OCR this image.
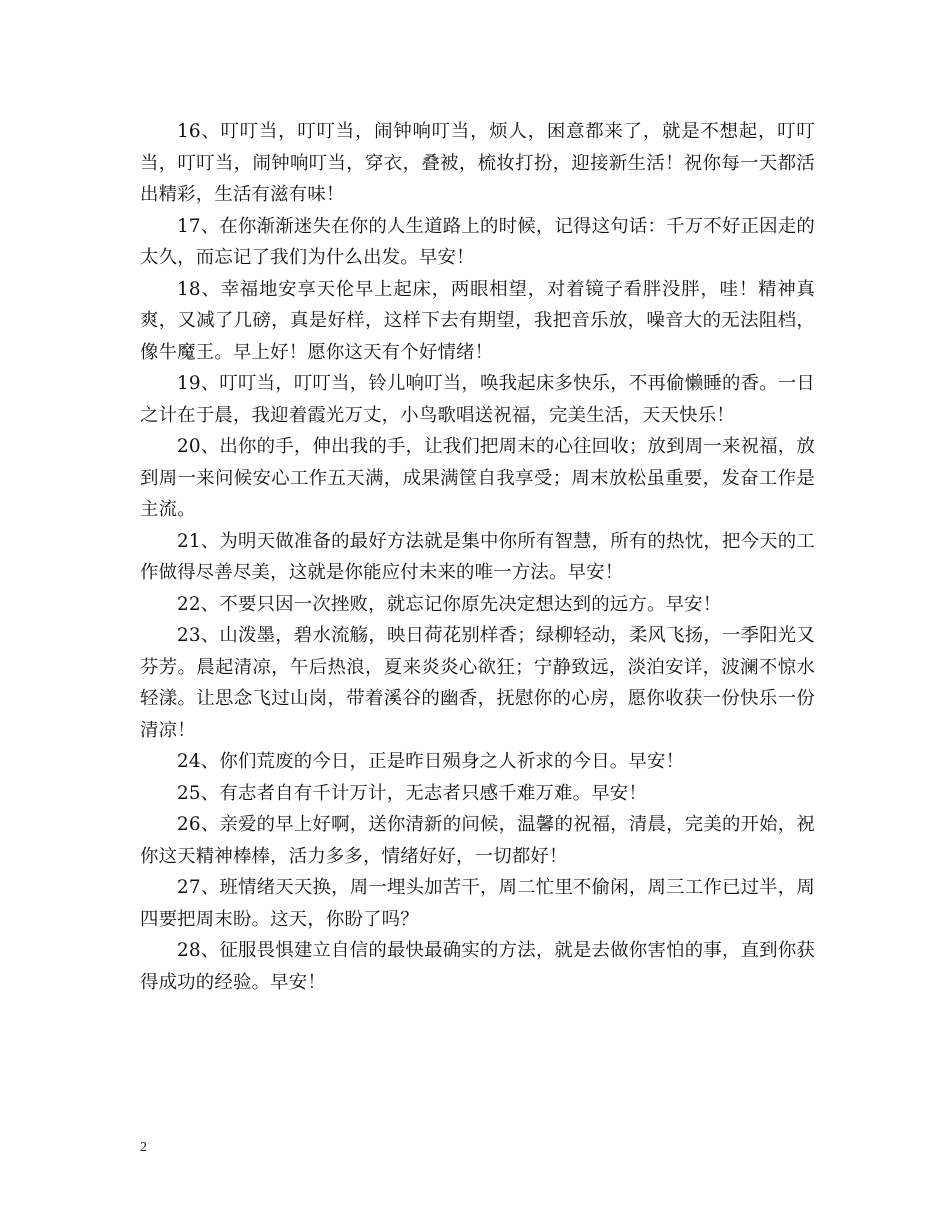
16、叮叮当，叮叮当，闹钟响叮当，烦人，困意都来了，就是不想起，叮叮当，叮叮当，闹钟响叮当，穿衣，叠被，梳妆打扮，迎接新生活！祝你每一天都活出精彩，生活有滋有味！

17、在你渐渐迷失在你的人生道路上的时候，记得这句话：千万不好正因走的太久，而忘记了我们为什么出发。早安！

18、幸福地安享天伦早上起床，两眼相望，对着镜子看胖没胖，哇！精神真爽，又减了几磅，真是好样，这样下去有期望，我把音乐放，噪音大的无法阻档，像牛魔王。早上好！愿你这天有个好情绪！

19、叮叮当，叮叮当，铃儿响叮当，唤我起床多快乐，不再偷懒睡的香。一日之计在于晨，我迎着霞光万丈，小鸟歌唱送祝福，完美生活，天天快乐！

20、出你的手，伸出我的手，让我们把周末的心往回收；放到周一来祝福，放到周一来问候安心工作五天满，成果满筐自我享受；周末放松虽重要，发奋工作是主流。

21、为明天做准备的最好方法就是集中你所有智慧，所有的热忱，把今天的工作做得尽善尽美，这就是你能应付未来的唯一方法。早安！

22、不要只因一次挫败，就忘记你原先决定想达到的远方。早安！

23、山泼墨，碧水流觞，映日荷花别样香；绿柳轻动，柔风飞扬，一季阳光又芬芳。晨起清凉，午后热浪，夏来炎炎心欲狂；宁静致远，淡泊安详，波澜不惊水轻漾。让思念飞过山岗，带着溪谷的幽香，抚慰你的心房，愿你收获一份快乐一份清凉！

24、你们荒废的今日，正是昨日殒身之人祈求的今日。早安！

25、有志者自有千计万计，无志者只感千难万难。早安！

26、亲爱的早上好啊，送你清新的问候，温馨的祝福，清晨，完美的开始，祝你这天精神棒棒，活力多多，情绪好好，一切都好！

27、班情绪天天换，周一埋头加苦干，周二忙里不偷闲，周三工作已过半，周四要把周末盼。这天，你盼了吗？

28、征服畏惧建立自信的最快最确实的方法，就是去做你害怕的事，直到你获得成功的经验。早安！

2
